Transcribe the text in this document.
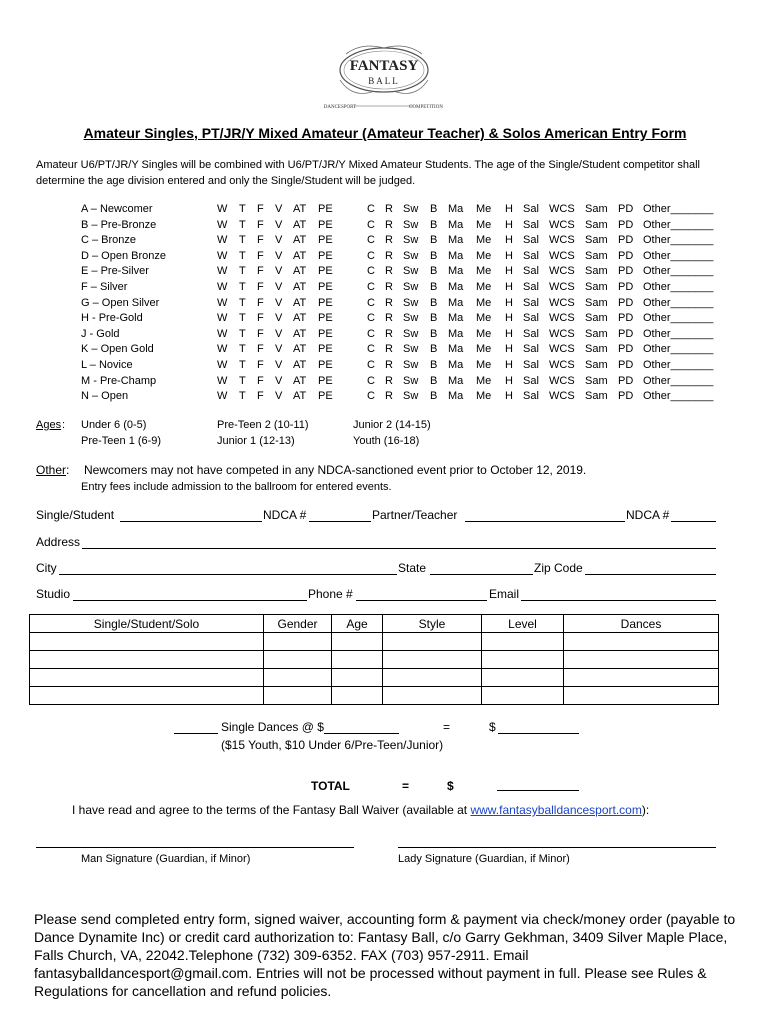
FANTASY
BALL
DANCESPORT	COMPETITION
Amateur Singles, PT/JR/Y Mixed Amateur (Amateur Teacher) & Solos American Entry Form
Amateur U6/PT/JR/Y Singles will be combined with U6/PT/JR/Y Mixed Amateur Students. The age of the Single/Student competitor shall determine the age division entered and only the Single/Student will be judged.
A – Newcomer	W T F V AT PE	C R Sw B Ma Me H Sal WCS Sam PD Other_______
B – Pre-Bronze	W T F V AT PE	C R Sw B Ma Me H Sal WCS Sam PD Other_______
C – Bronze	W T F V AT PE	C R Sw B Ma Me H Sal WCS Sam PD Other_______
D – Open Bronze	W T F V AT PE	C R Sw B Ma Me H Sal WCS Sam PD Other_______
E – Pre-Silver	W T F V AT PE	C R Sw B Ma Me H Sal WCS Sam PD Other_______
F – Silver	W T F V AT PE	C R Sw B Ma Me H Sal WCS Sam PD Other_______
G – Open Silver	W T F V AT PE	C R Sw B Ma Me H Sal WCS Sam PD Other_______
H - Pre-Gold	W T F V AT PE	C R Sw B Ma Me H Sal WCS Sam PD Other_______
J - Gold	W T F V AT PE	C R Sw B Ma Me H Sal WCS Sam PD Other_______
K – Open Gold	W T F V AT PE	C R Sw B Ma Me H Sal WCS Sam PD Other_______
L – Novice	W T F V AT PE	C R Sw B Ma Me H Sal WCS Sam PD Other_______
M - Pre-Champ	W T F V AT PE	C R Sw B Ma Me H Sal WCS Sam PD Other_______
N – Open	W T F V AT PE	C R Sw B Ma Me H Sal WCS Sam PD Other_______
Ages : Under 6 (0-5)
Pre-Teen 1 (6-9)
Pre-Teen 2 (10-11)
Junior 1 (12-13)
Junior 2 (14-15)
Youth (16-18)
Other : Newcomers may not have competed in any NDCA-sanctioned event prior to October 12, 2019.
Entry fees include admission to the ballroom for entered events.
Single/Student	NDCA #	Partner/Teacher	NDCA #
Address
City	State	Zip Code
Studio	Phone #	Email
Single/Student/Solo	Gender	Age	Style	Level	Dances

Single Dances @ $	=	$
($15 Youth, $10 Under 6/Pre-Teen/Junior)
TOTAL	=	$
I have read and agree to the terms of the Fantasy Ball Waiver (available at www.fantasyballdancesport.com):
Man Signature (Guardian, if Minor)	Lady Signature (Guardian, if Minor)
Please send completed entry form, signed waiver, accounting form & payment via check/money order (payable to Dance Dynamite Inc) or credit card authorization to: Fantasy Ball, c/o Garry Gekhman, 3409 Silver Maple Place, Falls Church, VA, 22042.Telephone (732) 309-6352. FAX (703) 957-2911. Email fantasyballdancesport@gmail.com. Entries will not be processed without payment in full. Please see Rules & Regulations for cancellation and refund policies.
